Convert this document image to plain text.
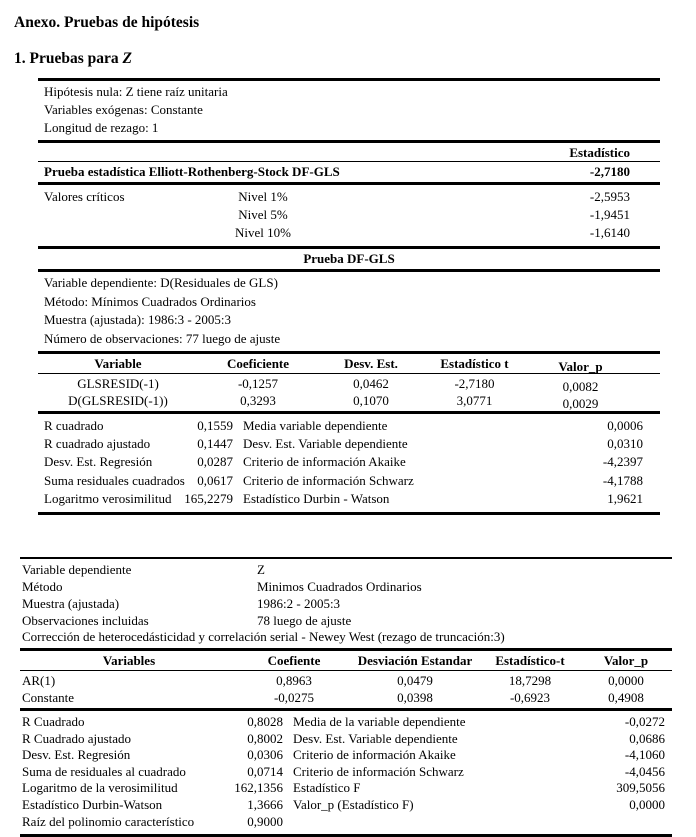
Anexo. Pruebas de hipótesis
1. Pruebas para Z
Hipótesis nula: Z tiene raíz unitaria
Variables exógenas: Constante
Longitud de rezago: 1
Estadístico
Prueba estadística Elliott-Rothenberg-Stock DF-GLS	-2,7180
Valores críticos	Nivel 1%	-2,5953
Nivel 5%	-1,9451
Nivel 10%	-1,6140
Prueba DF-GLS
Variable dependiente: D(Residuales de GLS)
Método: Mínimos Cuadrados Ordinarios
Muestra (ajustada): 1986:3 - 2005:3
Número de observaciones: 77 luego de ajuste
Variable	Coeficiente	Desv. Est.	Estadístico t	Valor_p
GLSRESID(-1)	-0,1257	0,0462	-2,7180	0,0082
D(GLSRESID(-1))	0,3293	0,1070	3,0771	0,0029
R cuadrado	0,1559 Media variable dependiente	0,0006
R cuadrado ajustado	0,1447 Desv. Est. Variable dependiente	0,0310
Desv. Est. Regresión	0,0287 Criterio de información Akaike	-4,2397
Suma residuales cuadrados 0,0617 Criterio de información Schwarz	-4,1788
Logaritmo verosimilitud 165,2279 Estadístico Durbin - Watson	1,9621
Variable dependiente	Z
Método	Minimos Cuadrados Ordinarios
Muestra (ajustada)	1986:2 - 2005:3
Observaciones incluidas	78 luego de ajuste
Corrección de heterocedásticidad y correlación serial - Newey West (rezago de truncación:3)
Variables	Coefiente	Desviación Estandar	Estadístico-t	Valor_p
AR(1)	0,8963	0,0479	18,7298	0,0000
Constante	-0,0275	0,0398	-0,6923	0,4908
R Cuadrado	0,8028 Media de la variable dependiente	-0,0272
R Cuadrado ajustado	0,8002 Desv. Est. Variable dependiente	0,0686
Desv. Est. Regresión	0,0306 Criterio de información Akaike	-4,1060
Suma de residuales al cuadrado	0,0714 Criterio de información Schwarz	-4,0456
Logaritmo de la verosimilitud	162,1356 Estadístico F	309,5056
Estadístico Durbin-Watson	1,3666 Valor_p (Estadístico F)	0,0000
Raíz del polinomio característico	0,9000
